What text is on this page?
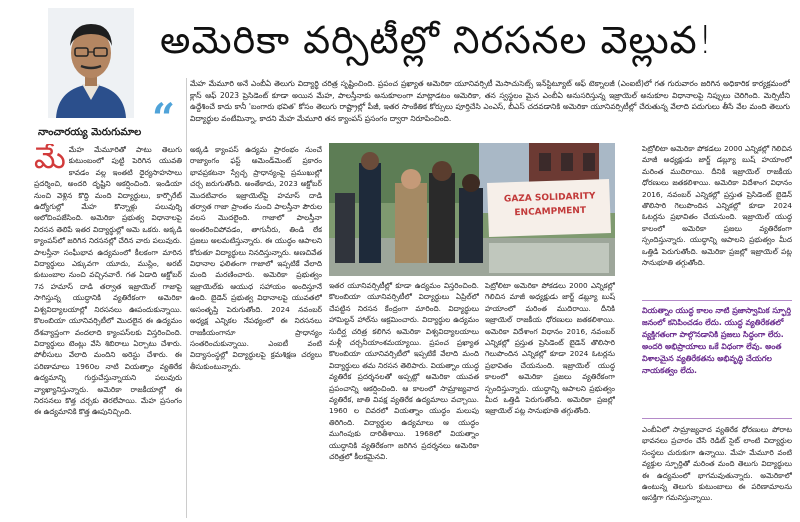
అమెరికా వర్సిటీల్లో నిరసనల వెల్లువ!
నాంచారయ్య మెరుగుమాల “
మేహ మేమూరి అనే ఎంబీఏ తెలుగు విద్యార్థి చరిత్ర సృష్టించింది. ప్రపంచ ప్రఖ్యాత అమెరికా యూనివర్సిటీ మెసాచుసెట్స్ ఇన్‌స్టిట్యూట్ ఆఫ్ టెక్నాలజీ (ఎంఐటీ)లో గత గురువారం జరిగిన అధికారిక కార్యక్రమంలో క్లాస్ ఆఫ్ 2023 ప్రెసిడెంట్ కూడా అయిన మేహ, పాలస్తీనాకు అనుకూలంగా మాట్లాడటం ఆమెరికా, తన స్వస్థలం మైన ఎంబీఏ అనుసరిస్తున్న ఇజ్రాయెల్ అనుకూల విధానాలపై నిప్పులు చెరిగింది. మెర్సిటీని ఉద్దేశించే కాదు కానీ 'బంగారు భవిత' కోసం తెలుగు రాష్ట్రాల్లో పీజీ, ఇతర సాంకేతిక కోర్సులు పూర్తిచేసి ఎంఎస్, బీఎస్ చదవడానికి అమెరికా యూనివర్సిటీల్లో చేరుతున్న వేలాది పదుగులు తీసే వేల మంది తెలుగు విద్యార్థుల వంటేమిన్నా, కాదని మేహ మేమూరి తన క్యాంపస్ ప్రసంగం ద్వారా నిరూపించింది.
మే మేహ మేమూరితో పాటు తెలుగు కుటుంబంలో పుట్టి పెరిగిన యువతి కావడం వల్ల ఇంతటి ధైర్యసాహసాలు ప్రదర్శించి, అందరి దృష్టిని ఆకర్షించింది. ఇండియా నుంచి వెళ్లిన కొద్ది మంది విద్యార్థులు, కార్పొరేట్ ఉద్యోగుల్లో మేహ కొన్నాళ్లు పలువుర్ని ఆలోచింపజేసింది. అమెరికా ప్రభుత్వ విధానాలపై నిరసన తెలిపే ఇతర విద్యార్థుల్లో ఆమె ఒకరు. అక్కడి క్యాంపస్‌లో జరిగిన నిరసనల్లో చేరిన వారు పలువురు. పాలస్తీనా సంఘీభావ ఉద్యమంలో కీలకంగా మారిన విద్యార్థులు ఎక్కువగా యూదు, ముస్లిం, అరబ్ కుటుంబాల నుంచి వచ్చినవారే. గత ఏడాది అక్టోబర్ 7న హమాస్ దాడి తర్వాత ఇజ్రాయెల్ గాజాపై సాగిస్తున్న యుద్ధానికి వ్యతిరేకంగా అమెరికా విశ్వవిద్యాలయాల్లో నిరసనలు ఊపందుకున్నాయి. కొలంబియా యూనివర్సిటీలో మొదలైన ఈ ఉద్యమం దేశవ్యాప్తంగా వందలాది క్యాంపస్‌లకు విస్తరించింది. విద్యార్థులు టెంట్లు వేసి శిబిరాలు ఏర్పాటు చేశారు. పోలీసులు వేలాది మందిని అరెస్టు చేశారు. ఈ పరిణామాలు 1960ల నాటి వియత్నాం వ్యతిరేక ఉద్యమాన్ని గుర్తుచేస్తున్నాయని పలువురు వ్యాఖ్యానిస్తున్నారు. అమెరికా రాజకీయాల్లో ఈ నిరసనలు కొత్త చర్చకు తెరలేపాయి. మేహ ప్రసంగం ఈ ఉద్యమానికి కొత్త ఊపునిచ్చింది.
అక్కడి క్యాంపస్ ఉద్యమ ప్రారంభం నుంచే రాజ్యాంగం ఫస్ట్ అమెండ్‌మెంట్ ప్రకారం భావప్రకటనా స్వేచ్ఛ ప్రాధాన్యంపై ప్రముఖుల్లో చర్చ జరుగుతోంది. అంతేకాదు, 2023 అక్టోబర్ మొదటివారం ఇజ్రాయెల్‌పై హమాస్ దాడి తర్వాత గాజా ప్రాంతం నుంచి పాలస్తీనా పౌరుల వలస మొదలైంది. గాజాలో పాలస్తీనా అంతరించిపోవడం, తాగునీరు, తిండి లేక ప్రజలు అలమటిస్తున్నారు. ఈ యుద్ధం ఆపాలని కోరుతూ విద్యార్థులు నినదిస్తున్నారు. అణచివేత విధానాల ఫలితంగా గాజాలో ఇప్పటికే వేలాది మంది మరణించారు. అమెరికా ప్రభుత్వం ఇజ్రాయెల్‌కు ఆయుధ సహాయం అందిస్తూనే ఉంది. బైడెన్ ప్రభుత్వ విధానాలపై యువతలో అసంతృప్తి పెరుగుతోంది. 2024 నవంబర్ అధ్యక్ష ఎన్నికల నేపథ్యంలో ఈ నిరసనలు రాజకీయంగానూ ప్రాధాన్యం సంతరించుకున్నాయి. ఎంఐటీ వంటి విద్యాసంస్థల్లో విద్యార్థులపై క్రమశిక్షణ చర్యలు తీసుకుంటున్నారు.
GAZA SOLIDARITY
ENCAMPMENT
ఇతర యూనివర్సిటీల్లో కూడా ఉద్యమం విస్తరించింది. కొలంబియా యూనివర్సిటీలో విద్యార్థులు ఏప్రిల్‌లో చేపట్టిన నిరసన కేంద్రంగా మారింది. విద్యార్థులు హామిల్టన్ హాల్‌ను ఆక్రమించారు. విద్యార్థుల ఉద్యమం సుదీర్ఘ చరిత్ర కలిగిన అమెరికా విశ్వవిద్యాలయాలు మళ్లీ చర్చనీయాంశమయ్యాయి. ప్రపంచ ప్రఖ్యాత కొలంబియా యూనివర్సిటీలో ఇప్పటికే వేలాది మంది విద్యార్థులు తమ నిరసన తెలిపారు. వియత్నాం యుద్ధ వ్యతిరేక ప్రదర్శనలతో అప్పట్లో అమెరికా యువత ప్రపంచాన్ని ఆకర్షించింది. ఆ కాలంలో సామ్రాజ్యవాద వ్యతిరేక, జాతి వివక్ష వ్యతిరేక ఉద్యమాలు వచ్చాయి. 1960 ల చివరలో వియత్నాం యుద్ధం మలుపు తిరిగింది. విద్యార్థుల ఉద్యమాలు ఆ యుద్ధం ముగింపుకు దారితీశాయి. 1968లో వియత్నాం యుద్ధానికి వ్యతిరేకంగా జరిగిన ప్రదర్శనలు అమెరికా చరిత్రలో కీలకమైనవి.
పెట్రోలిటా అమెరికా పోకడలు 2000 ఎన్నికల్లో గెలిచిన మాజీ అధ్యక్షుడు జార్జ్ డబ్ల్యూ బుష్ హయాంలో మరింత ముదిరాయి. దీనికి ఇజ్రాయెల్ రాజకీయ ధోరణులు జతకలిశాయి. అమెరికా విదేశాంగ విధానం 2016, నవంబర్ ఎన్నికల్లో ప్రస్తుత ప్రెసిడెంట్ బైడెన్ తొలిసారి గెలుపొందిన ఎన్నికల్లో కూడా 2024 ఓటర్లను ప్రభావితం చేయనుంది. ఇజ్రాయెల్ యుద్ధ కాలంలో అమెరికా ప్రజలు వ్యతిరేకంగా స్పందిస్తున్నారు. యుద్ధాన్ని ఆపాలని ప్రభుత్వం మీద ఒత్తిడి పెరుగుతోంది. అమెరికా ప్రజల్లో ఇజ్రాయెల్ పట్ల సానుభూతి తగ్గుతోంది.
పెట్రోలిటా అమెరికా పోకడలు 2000 ఎన్నికల్లో గెలిచిన మాజీ అధ్యక్షుడు జార్జ్ డబ్ల్యూ బుష్ హయాంలో మరింత ముదిరాయి. దీనికి ఇజ్రాయెల్ రాజకీయ ధోరణులు జతకలిశాయి. అమెరికా విదేశాంగ విధానం 2016, నవంబర్ ఎన్నికల్లో ప్రస్తుత ప్రెసిడెంట్ బైడెన్ తొలిసారి గెలుపొందిన ఎన్నికల్లో కూడా 2024 ఓటర్లను ప్రభావితం చేయనుంది. ఇజ్రాయెల్ యుద్ధ కాలంలో అమెరికా ప్రజలు వ్యతిరేకంగా స్పందిస్తున్నారు. యుద్ధాన్ని ఆపాలని ప్రభుత్వం మీద ఒత్తిడి పెరుగుతోంది. అమెరికా ప్రజల్లో ఇజ్రాయెల్ పట్ల సానుభూతి తగ్గుతోంది.
వియత్నాం యుద్ధ కాలం నాటి ప్రజాస్వామిక స్ఫూర్తి జనంలో కనిపించడం లేదు. యుద్ధ వ్యతిరేకతలో వ్యక్తిగతంగా పాల్గొనడానికి ప్రజలు సిద్ధంగా లేరు. అందరి అభిప్రాయాలు ఒకే విధంగా లేవు. అంత విశాలమైన వ్యతిరేకతను అభివృద్ధి చేయగల నాయకత్వం లేదు.
ఎంబీఏలో సామ్రాజ్యవాద వ్యతిరేక ధోరణులు పోరాట భావనలు ప్రచారం చేసే రెడిట్ సైట్ లాంటి విద్యార్థుల సంస్థలు చురుకుగా ఉన్నాయి. మేహ మేమూరి వంటి వ్యక్తుల స్ఫూర్తితో మరింత మంది తెలుగు విద్యార్థులు ఈ ఉద్యమంలో భాగమవుతున్నారు. అమెరికాలో ఉంటున్న తెలుగు కుటుంబాలు ఈ పరిణామాలను ఆసక్తిగా గమనిస్తున్నాయి.
